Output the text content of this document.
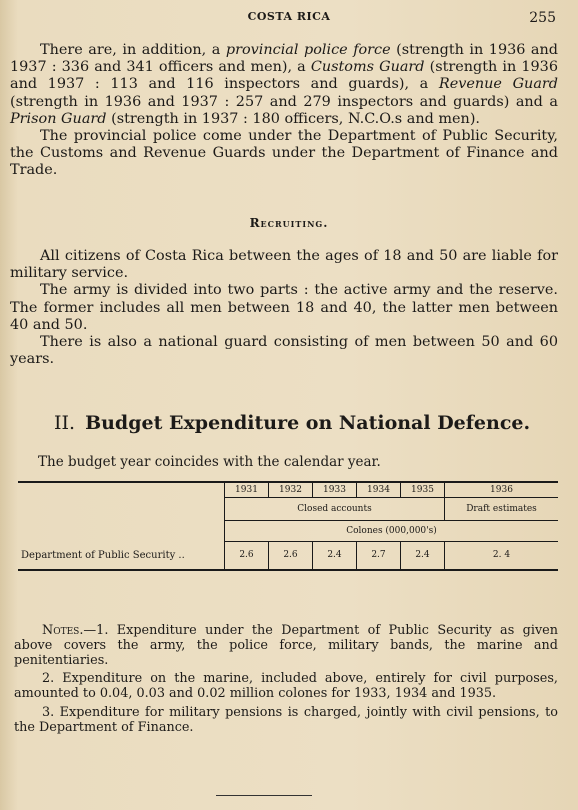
COSTA RICA	255

There are, in addition, a provincial police force (strength in 1936 and 1937 : 336 and 341 officers and men), a Customs Guard (strength in 1936 and 1937 : 113 and 116 inspectors and guards), a Revenue Guard (strength in 1936 and 1937 : 257 and 279 inspectors and guards) and a Prison Guard (strength in 1937 : 180 officers, N.C.O.s and men).

The provincial police come under the Department of Public Security, the Customs and Revenue Guards under the Department of Finance and Trade.

Recruiting.

All citizens of Costa Rica between the ages of 18 and 50 are liable for military service.

The army is divided into two parts : the active army and the reserve. The former includes all men between 18 and 40, the latter men between 40 and 50.

There is also a national guard consisting of men between 50 and 60 years.

II. Budget Expenditure on National Defence.
The budget year coincides with the calendar year.
	1931	1932	1933	1934	1935	1936
	Closed accounts					Draft estimates
	Colones (000,000's)					
Department of Public Security ..	2.6	2.6	2.4	2.7	2.4	2. 4

Notes.—1. Expenditure under the Department of Public Security as given above covers the army, the police force, military bands, the marine and penitentiaries.

2. Expenditure on the marine, included above, entirely for civil purposes, amounted to 0.04, 0.03 and 0.02 million colones for 1933, 1934 and 1935.

3. Expenditure for military pensions is charged, jointly with civil pensions, to the Department of Finance.
